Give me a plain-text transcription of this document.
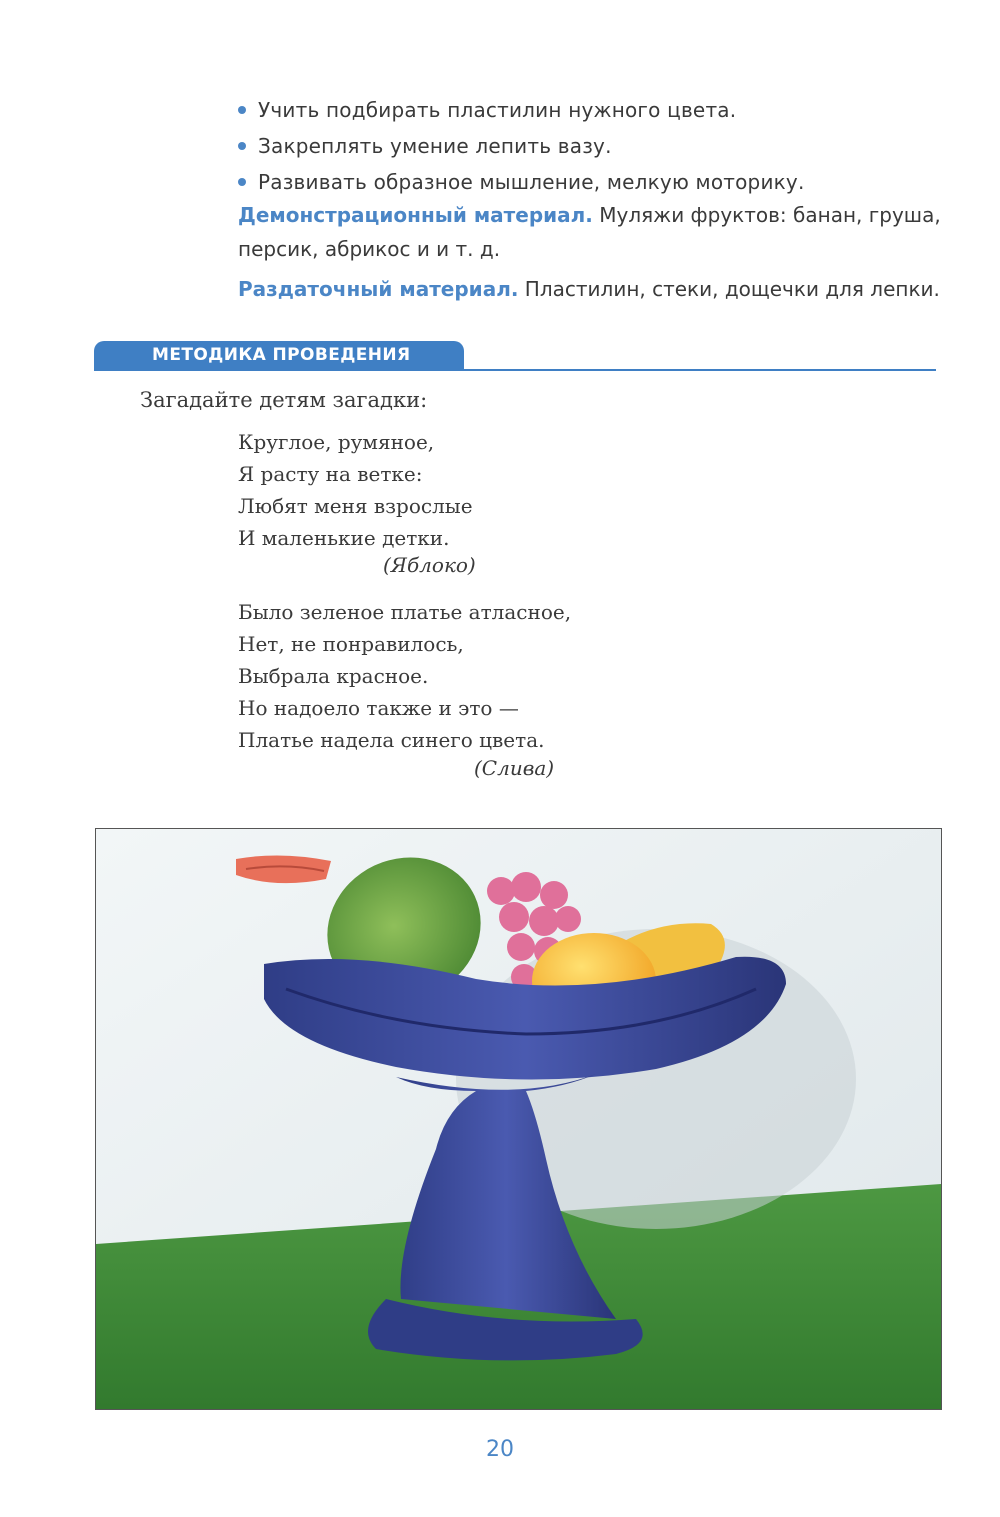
Учить подбирать пластилин нужного цвета.
Закреплять умение лепить вазу.
Развивать образное мышление, мелкую моторику.

Демонстрационный материал. Муляжи фруктов: банан, груша, персик, абрикос и и т. д.

Раздаточный материал. Пластилин, стеки, дощечки для лепки.

МЕТОДИКА ПРОВЕДЕНИЯ
Загадайте детям загадки:
Круглое, румяное,
Я расту на ветке:
Любят меня взрослые
И маленькие детки.
(Яблоко)
Было зеленое платье атласное,
Нет, не понравилось,
Выбрала красное.
Но надоело также и это —
Платье надела синего цвета.
(Слива)
20
